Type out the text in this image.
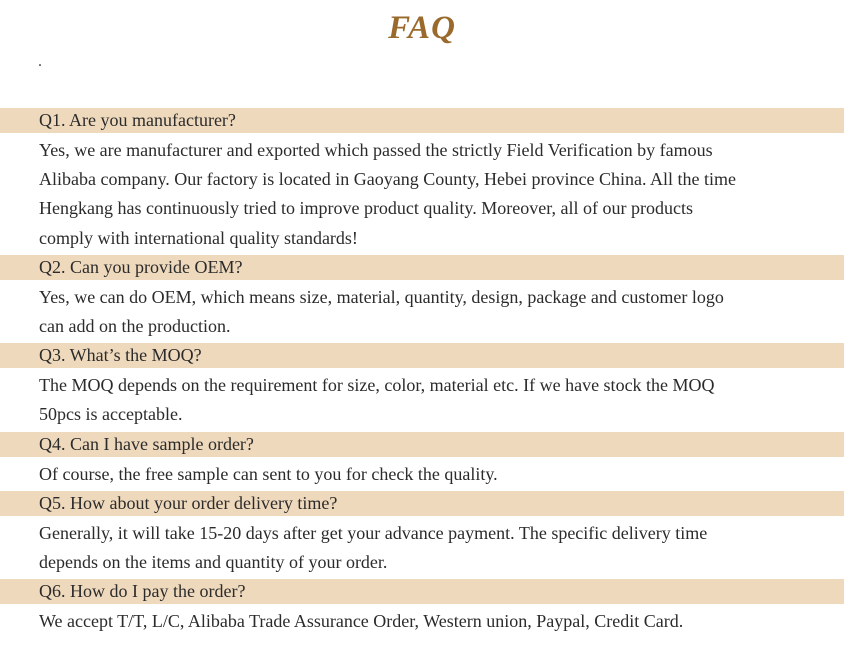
FAQ
.
Q1. Are you manufacturer?
Yes, we are manufacturer and exported which passed the strictly Field Verification by famous
Alibaba company. Our factory is located in Gaoyang County, Hebei province China. All the time
Hengkang has continuously tried to improve product quality. Moreover, all of our products
comply with international quality standards!
Q2. Can you provide OEM?
Yes, we can do OEM, which means size, material, quantity, design, package and customer logo
can add on the production.
Q3. What’s the MOQ?
The MOQ depends on the requirement for size, color, material etc. If we have stock the MOQ
50pcs is acceptable.
Q4. Can I have sample order?
Of course, the free sample can sent to you for check the quality.
Q5. How about your order delivery time?
Generally, it will take 15-20 days after get your advance payment. The specific delivery time
depends on the items and quantity of your order.
Q6. How do I pay the order?
We accept T/T, L/C, Alibaba Trade Assurance Order, Western union, Paypal, Credit Card.
